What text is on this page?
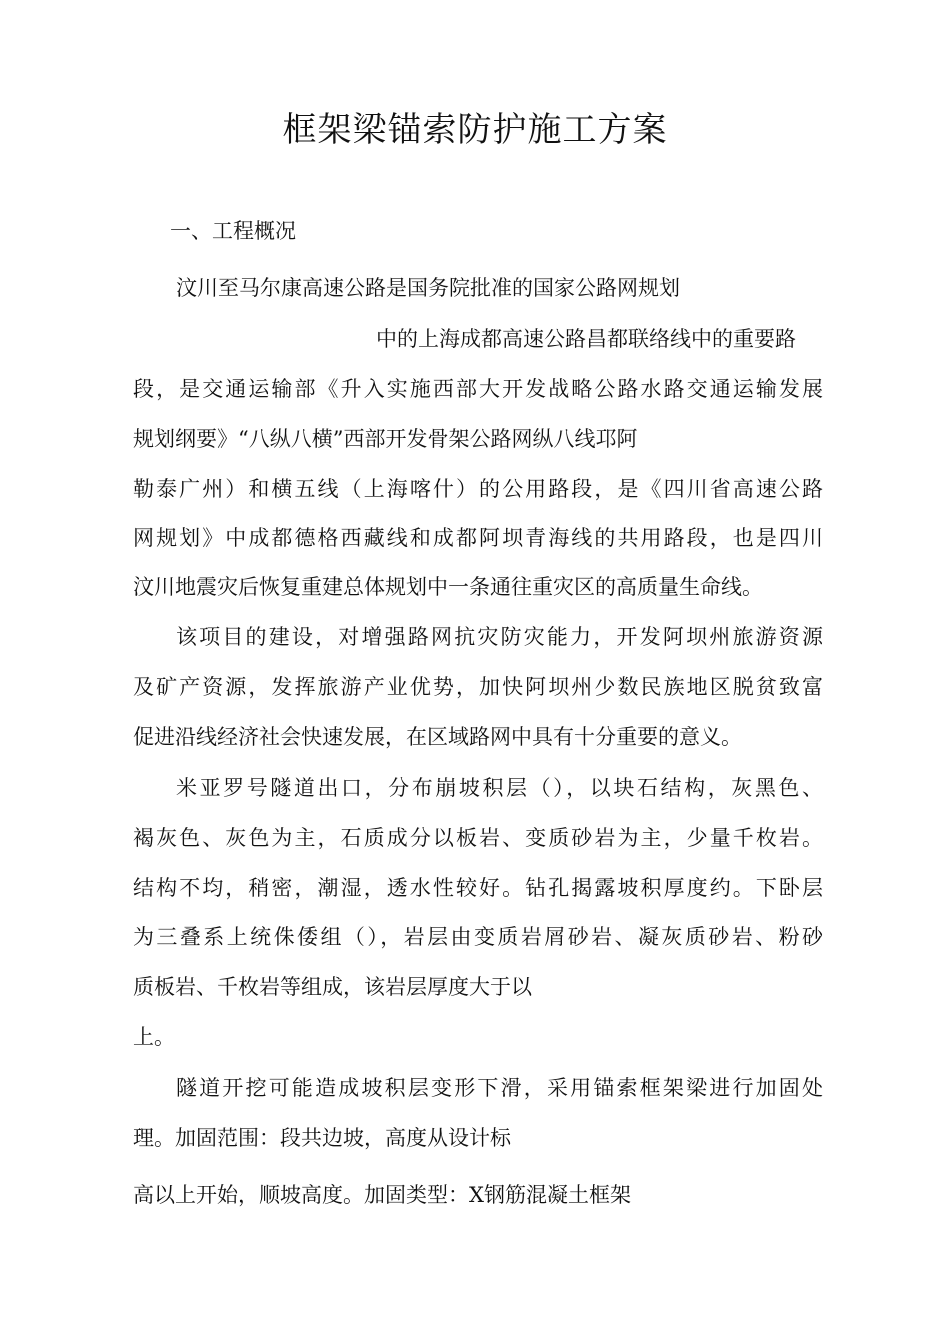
框架梁锚索防护施工方案
一、工程概况
汶川至马尔康高速公路是国务院批准的国家公路网规划
中的上海成都高速公路昌都联络线中的重要路
段，是交通运输部《升入实施西部大开发战略公路水路交通运输发展
规划纲要》“八纵八横”西部开发骨架公路网纵八线邛阿
勒泰广州）和横五线（上海喀什）的公用路段，是《四川省高速公路
网规划》中成都德格西藏线和成都阿坝青海线的共用路段，也是四川
汶川地震灾后恢复重建总体规划中一条通往重灾区的高质量生命线。
该项目的建设，对增强路网抗灾防灾能力，开发阿坝州旅游资源
及矿产资源，发挥旅游产业优势，加快阿坝州少数民族地区脱贫致富
促进沿线经济社会快速发展，在区域路网中具有十分重要的意义。
米亚罗号隧道出口，分布崩坡积层（），以块石结构，灰黑色、
褐灰色、灰色为主，石质成分以板岩、变质砂岩为主，少量千枚岩。
结构不均，稍密，潮湿，透水性较好。钻孔揭露坡积厚度约。下卧层
为三叠系上统侏倭组（），岩层由变质岩屑砂岩、凝灰质砂岩、粉砂
质板岩、千枚岩等组成，该岩层厚度大于以
上。
隧道开挖可能造成坡积层变形下滑，采用锚索框架梁进行加固处
理。加固范围：段共边坡，高度从设计标
高以上开始，顺坡高度。加固类型：X钢筋混凝土框架
